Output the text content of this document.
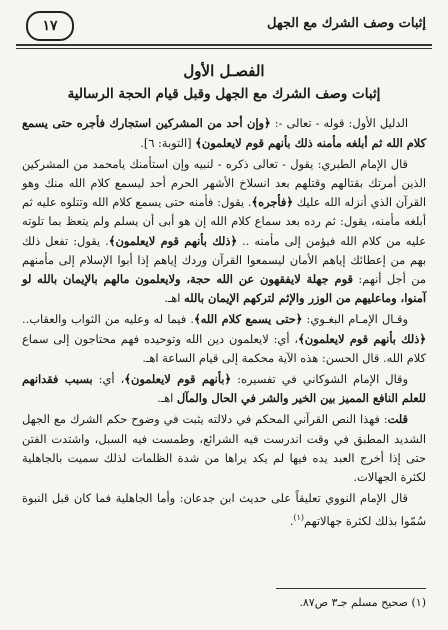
إثبات وصف الشرك مع الجهل
١٧
الفصـل الأول
إثبات وصف الشرك مع الجهل وقبل قيام الحجة الرسالية

الدليل الأول: قوله - تعالى -: ﴿وإن أحد من المشركين استجارك فأجره حتى يسمع كلام الله ثم أبلغه مأمنه ذلك بأنهم قوم لايعلمون﴾ [التوبة: ٦].

قال الإمام الطبري: يقول - تعالى ذكره - لنبيه وإن استأمنك يامحمد من المشركين الذين أمرتك بقتالهم وقتلهم بعد انسلاخ الأشهر الحرم أحد ليسمع كلام الله منك وهو القرآن الذي أنزله الله عليك ﴿فأجره﴾. يقول: فأمنه حتى يسمع كلام الله وتتلوه عليه ثم أبلغه مأمنه، يقول: ثم رده بعد سماع كلام الله إن هو أبى أن يسلم ولم يتعظ بما تلوته عليه من كلام الله فيؤمن إلى مأمنه .. ﴿ذلك بأنهم قوم لايعلمون﴾. يقول: تفعل ذلك بهم من إعطائك إياهم الأمان ليسمعوا القرآن وردك إياهم إذا أبوا الإسلام إلى مأمنهم من أجل أنهم: قوم جهلة لايفقهون عن الله حجة، ولايعلمون مالهم بالإيمان بالله لو آمنوا، وماعليهم من الوزر والإثم لتركهم الإيمان بالله اهـ.

وقـال الإمـام البغـوي: ﴿حتى يسمع كلام الله﴾. فيما له وعليه من الثواب والعقاب.. ﴿ذلك بأنهم قوم لايعلمون﴾، أي: لايعلمون دين الله وتوحيده فهم محتاجون إلى سماع كلام الله. قال الحسن: هذه الآية محكمة إلى قيام الساعة اهـ.

وقال الإمام الشوكاني في تفسيره: ﴿بأنهم قوم لايعلمون﴾، أي: بسبب فقدانهم للعلم النافع المميز بين الخير والشر في الحال والمآل اهـ.

قلت: فهذا النص القرآني المحكم في دلالته يثبت في وضوح حكم الشرك مع الجهل الشديد المطبق في وقت اندرست فيه الشرائع، وطمست فيه السبل، واشتدت الفتن حتى إذا أخرج العبد يده فيها لم يكد يراها من شدة الظلمات لذلك سميت بالجاهلية لكثرة الجهالات.

قال الإمام النووي تعليقاً على حديث ابن جدعان: وأما الجاهلية فما كان قبل النبوة سُمّوا بذلك لكثرة جهالاتهم$^{(١)}$.

(١) صحيح مسلم جـ٣ ص٨٧.
